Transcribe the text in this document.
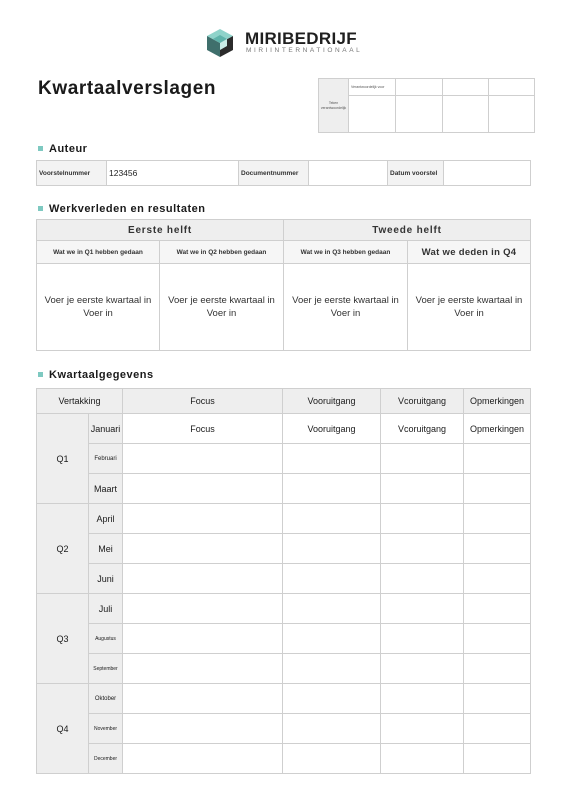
MIRIBEDRIJF
MIRIINTERNATIONAAL
Kwartaalverslagen
Teken verantwoordelijk	Verantwoordelijk voor			

Auteur
Voorstelnummer	123456	Documentnummer		Datum voorstel	
Werkverleden en resultaten
Eerste helft		Tweede helft	
Wat we in Q1 hebben gedaan	Wat we in Q2 hebben gedaan	Wat we in Q3 hebben gedaan	Wat we deden in Q4
Voer je eerste kwartaal in Voer in	Voer je eerste kwartaal in Voer in	Voer je eerste kwartaal in Voer in	Voer je eerste kwartaal in Voer in
Kwartaalgegevens
Vertakking		Focus	Vooruitgang	Vcoruitgang	Opmerkingen
Q1	Januari	Focus	Vooruitgang	Vcoruitgang	Opmerkingen
	Februari				
	Maart				
Q2	April				
	Mei				
	Juni				
Q3	Juli				
	Augustus				
	September				
Q4	Oktober				
	November				
	December				
